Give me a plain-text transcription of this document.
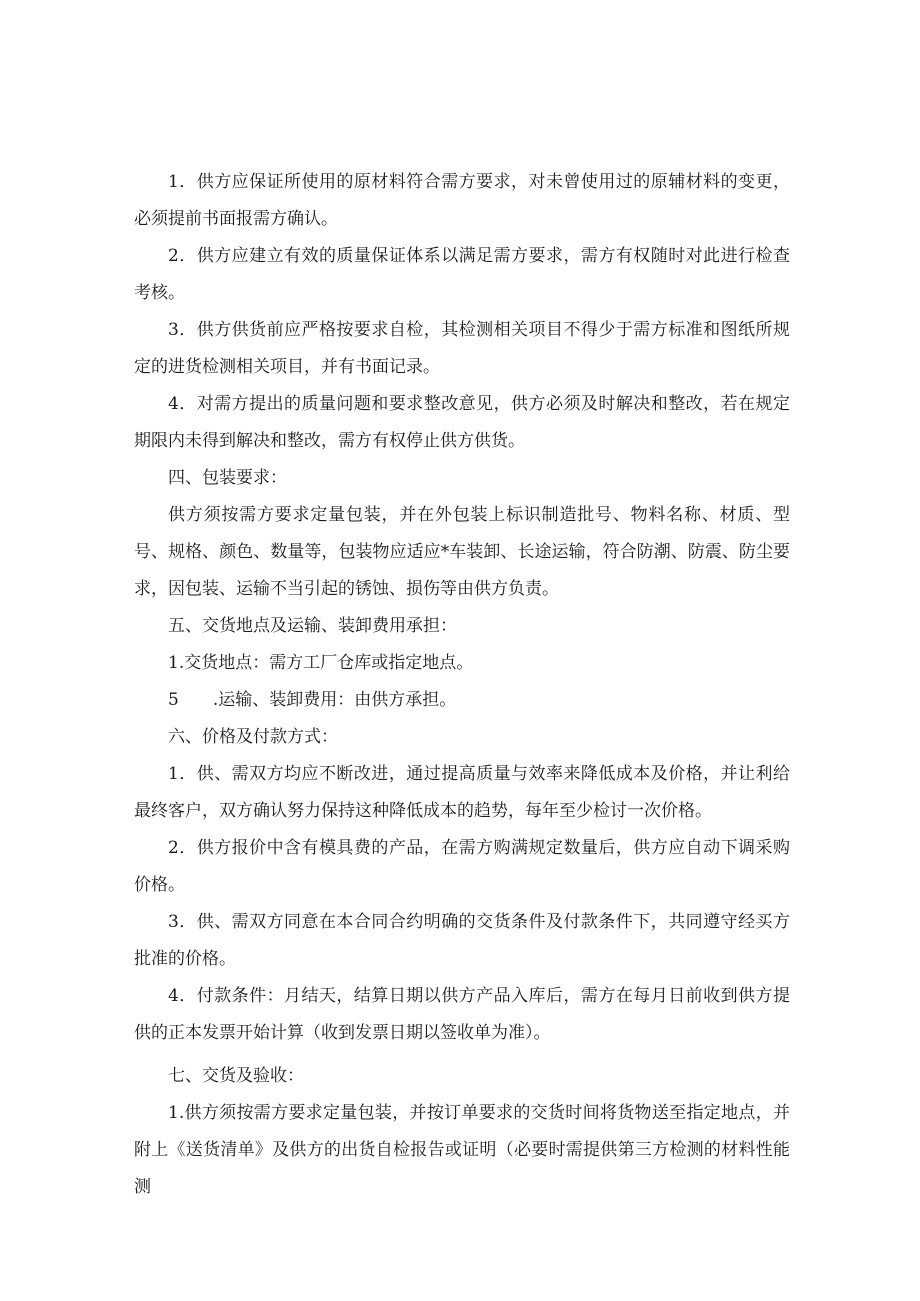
1．供方应保证所使用的原材料符合需方要求，对未曾使用过的原辅材料的变更，必须提前书面报需方确认。

2．供方应建立有效的质量保证体系以满足需方要求，需方有权随时对此进行检查考核。

3．供方供货前应严格按要求自检，其检测相关项目不得少于需方标准和图纸所规定的进货检测相关项目，并有书面记录。

4．对需方提出的质量问题和要求整改意见，供方必须及时解决和整改，若在规定期限内未得到解决和整改，需方有权停止供方供货。

四、包装要求：

供方须按需方要求定量包装，并在外包装上标识制造批号、物料名称、材质、型号、规格、颜色、数量等，包装物应适应*车装卸、长途运输，符合防潮、防震、防尘要求，因包装、运输不当引起的锈蚀、损伤等由供方负责。

五、交货地点及运输、装卸费用承担：

1.交货地点：需方工厂仓库或指定地点。

5　　.运输、装卸费用：由供方承担。

六、价格及付款方式：

1．供、需双方均应不断改进，通过提高质量与效率来降低成本及价格，并让利给最终客户，双方确认努力保持这种降低成本的趋势，每年至少检讨一次价格。

2．供方报价中含有模具费的产品，在需方购满规定数量后，供方应自动下调采购价格。

3．供、需双方同意在本合同合约明确的交货条件及付款条件下，共同遵守经买方批准的价格。

4．付款条件：月结天，结算日期以供方产品入库后，需方在每月日前收到供方提供的正本发票开始计算（收到发票日期以签收单为准）。

七、交货及验收：

1.供方须按需方要求定量包装，并按订单要求的交货时间将货物送至指定地点，并附上《送货清单》及供方的出货自检报告或证明（必要时需提供第三方检测的材料性能测
